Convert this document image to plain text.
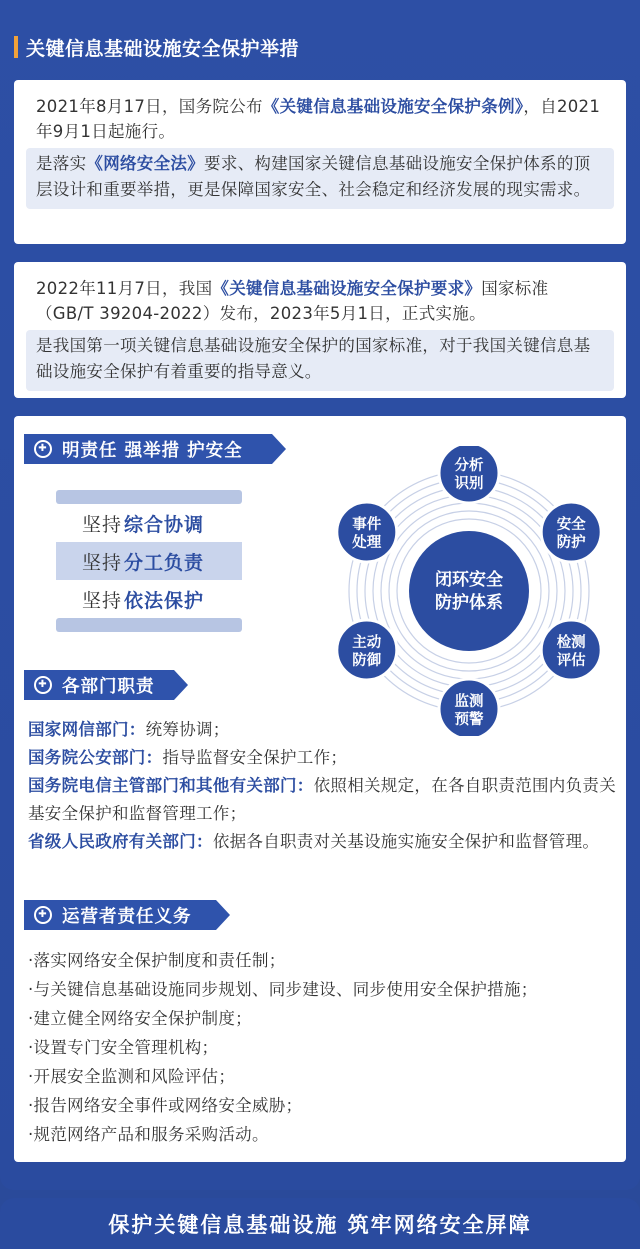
关键信息基础设施安全保护举措

2021年8月17日，国务院公布《关键信息基础设施安全保护条例》，自2021年9月1日起施行。

是落实《网络安全法》要求、构建国家关键信息基础设施安全保护体系的顶层设计和重要举措，更是保障国家安全、社会稳定和经济发展的现实需求。

2022年11月7日，我国《关键信息基础设施安全保护要求》国家标准（GB/T 39204-2022）发布，2023年5月1日，正式实施。

是我国第一项关键信息基础设施安全保护的国家标准，对于我国关键信息基础设施安全保护有着重要的指导意义。
✚ 明责任 强举措 护安全
坚持 综合协调
坚持 分工负责
坚持 依法保护
闭环安全
防护体系
分析
识别
安全
防护
检测
评估
监测
预警
主动
防御
事件
处理
✚ 各部门职责
国家网信部门：统筹协调；
国务院公安部门：指导监督安全保护工作；
国务院电信主管部门和其他有关部门：依照相关规定，在各自职责范围内负责关基安全保护和监督管理工作；
省级人民政府有关部门：依据各自职责对关基设施实施安全保护和监督管理。
✚ 运营者责任义务
·落实网络安全保护制度和责任制；
·与关键信息基础设施同步规划、同步建设、同步使用安全保护措施；
·建立健全网络安全保护制度；
·设置专门安全管理机构；
·开展安全监测和风险评估；
·报告网络安全事件或网络安全威胁；
·规范网络产品和服务采购活动。
保护关键信息基础设施 筑牢网络安全屏障
